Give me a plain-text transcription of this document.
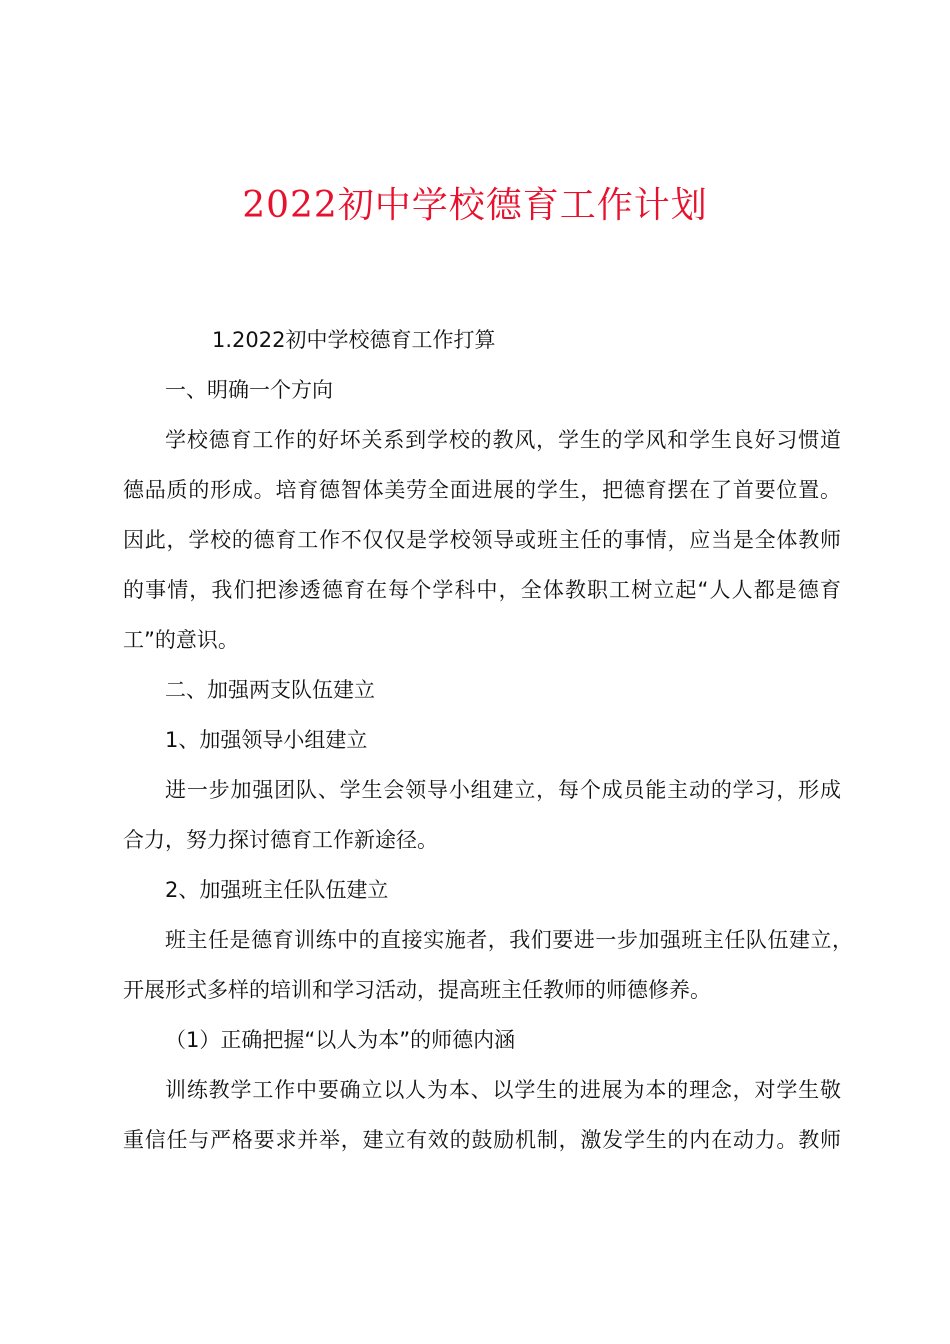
2022初中学校德育工作计划
1.2022初中学校德育工作打算
一、明确一个方向
学校德育工作的好坏关系到学校的教风，学生的学风和学生良好习惯道
德品质的形成。培育德智体美劳全面进展的学生，把德育摆在了首要位置。
因此，学校的德育工作不仅仅是学校领导或班主任的事情，应当是全体教师
的事情，我们把渗透德育在每个学科中，全体教职工树立起“人人都是德育
工”的意识。
二、加强两支队伍建立
1、加强领导小组建立
进一步加强团队、学生会领导小组建立，每个成员能主动的学习，形成
合力，努力探讨德育工作新途径。
2、加强班主任队伍建立
班主任是德育训练中的直接实施者，我们要进一步加强班主任队伍建立，
开展形式多样的培训和学习活动，提高班主任教师的师德修养。
（1）正确把握“以人为本”的师德内涵
训练教学工作中要确立以人为本、以学生的进展为本的理念，对学生敬
重信任与严格要求并举，建立有效的鼓励机制，激发学生的内在动力。教师
